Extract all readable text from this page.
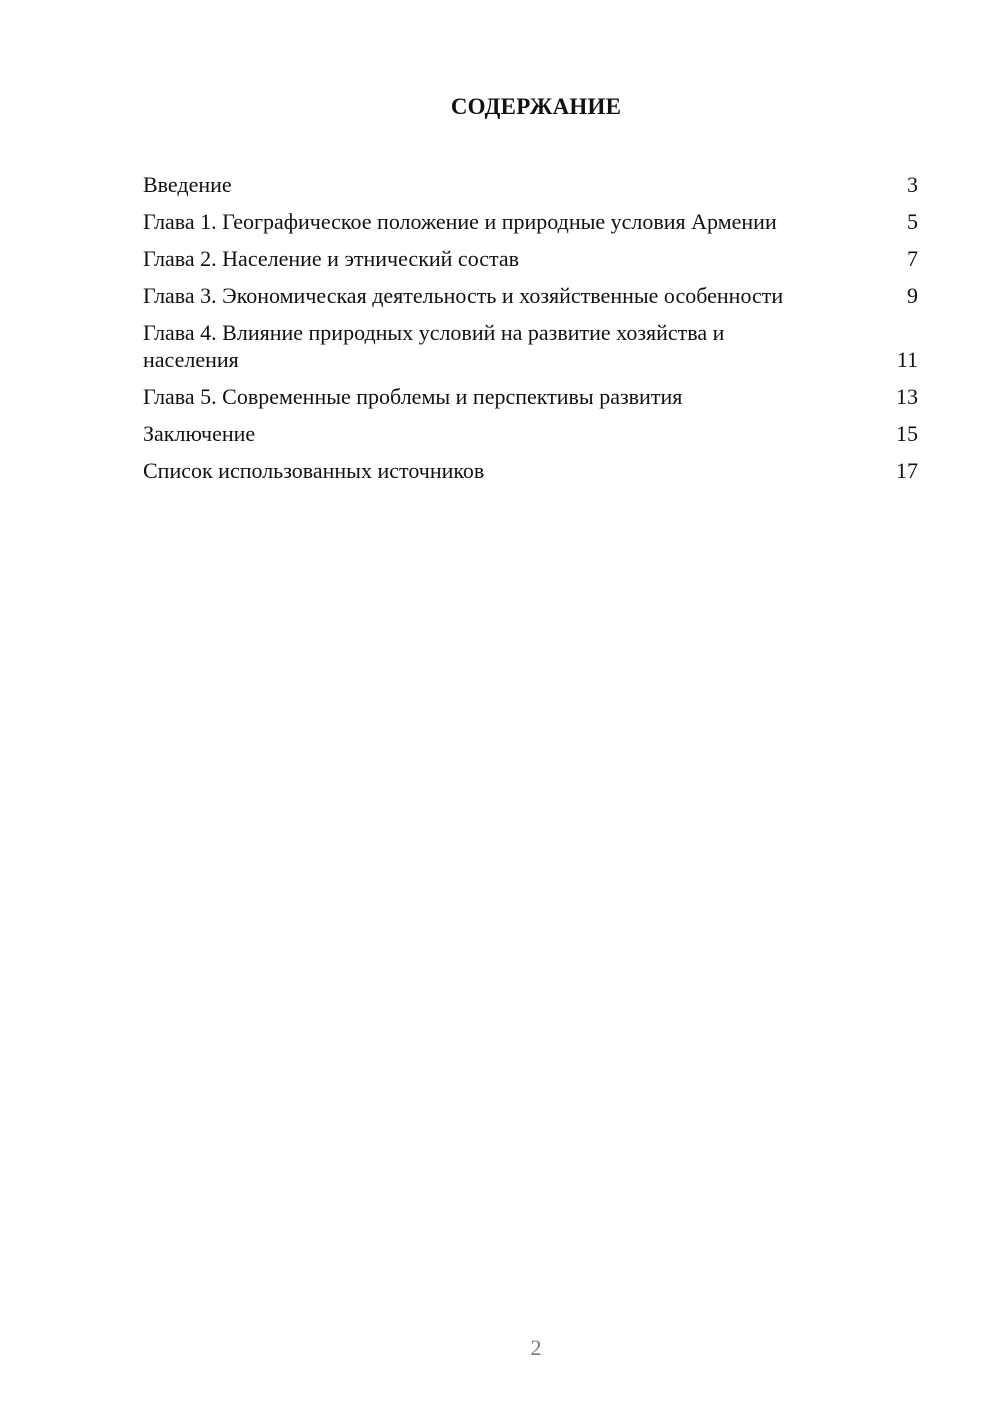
СОДЕРЖАНИЕ
Введение	3
Глава 1. Географическое положение и природные условия Армении	5
Глава 2. Население и этнический состав	7
Глава 3. Экономическая деятельность и хозяйственные особенности	9
Глава 4. Влияние природных условий на развитие хозяйства и населения	11
Глава 5. Современные проблемы и перспективы развития	13
Заключение	15
Список использованных источников	17
2
